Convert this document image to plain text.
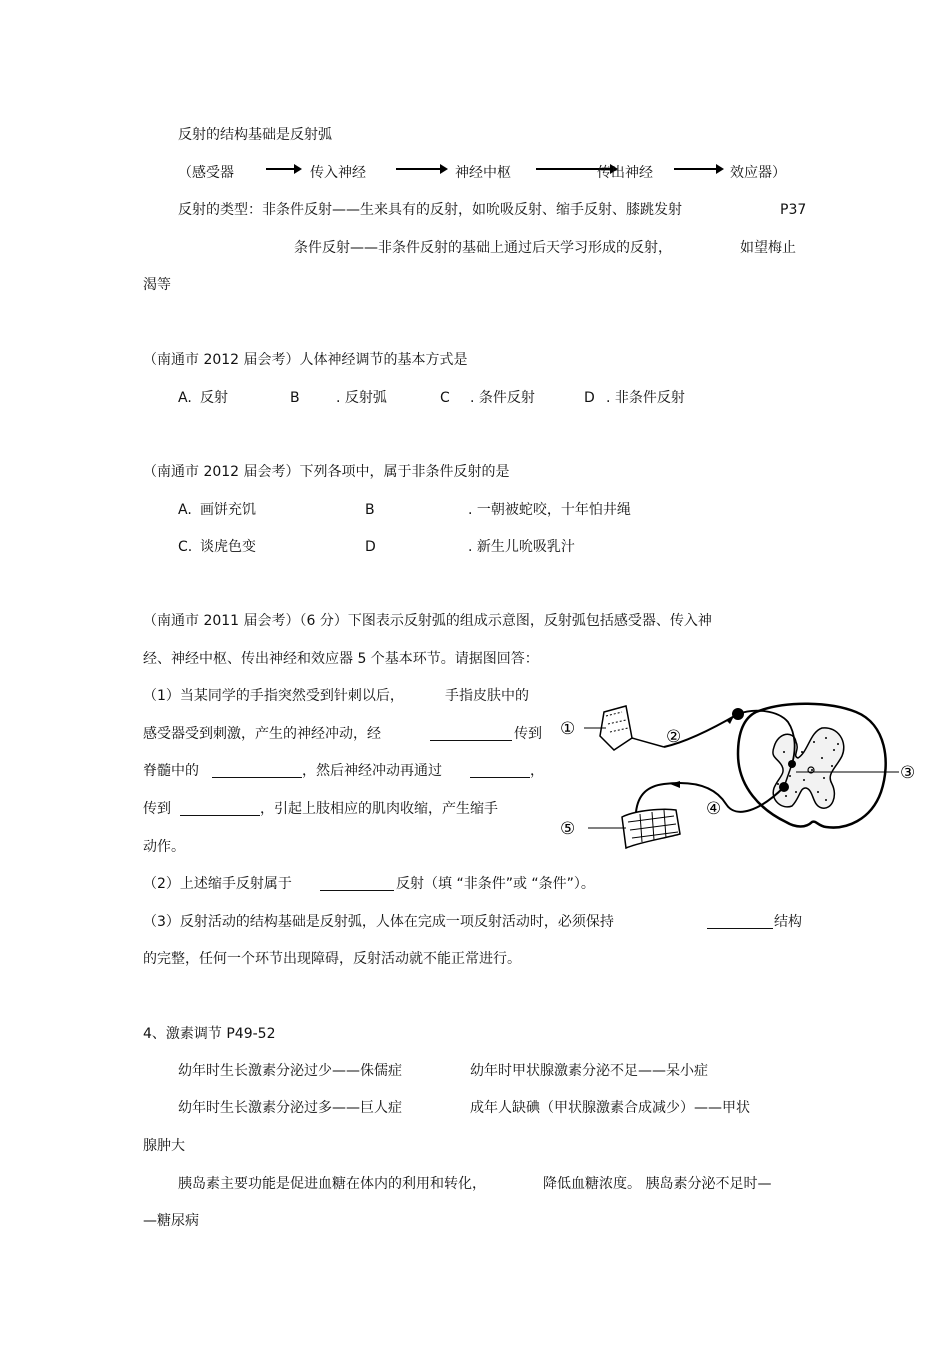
反射的结构基础是反射弧
（感受器	传入神经	神经中枢	传出神经	效应器）
反射的类型：非条件反射——生来具有的反射，如吮吸反射、缩手反射、膝跳发射	P37
条件反射——非条件反射的基础上通过后天学习形成的反射，	如望梅止
渴等
（南通市 2012 届会考）人体神经调节的基本方式是
A. 反射	B	. 反射弧	C . 条件反射	D . 非条件反射
（南通市 2012 届会考）下列各项中，属于非条件反射的是
A. 画饼充饥	B	. 一朝被蛇咬，十年怕井绳
C. 谈虎色变	D	. 新生儿吮吸乳汁
（南通市 2011 届会考）（6 分）下图表示反射弧的组成示意图，反射弧包括感受器、传入神
经、神经中枢、传出神经和效应器 5 个基本环节。请据图回答：
（1）当某同学的手指突然受到针刺以后，	手指皮肤中的
感受器受到刺激，产生的神经冲动，经	传到
脊髓中的	，然后神经冲动再通过	，
传到	，引起上肢相应的肌肉收缩，产生缩手
动作。
（2）上述缩手反射属于	反射（填 “非条件”或 “条件”）。
（3）反射活动的结构基础是反射弧，人体在完成一项反射活动时，必须保持	结构
的完整，任何一个环节出现障碍，反射活动就不能正常进行。
①	②
③
④
⑤
4、激素调节 P49-52
幼年时生长激素分泌过少——侏儒症	幼年时甲状腺激素分泌不足——呆小症
幼年时生长激素分泌过多——巨人症	成年人缺碘（甲状腺激素合成减少）——甲状
腺肿大
胰岛素主要功能是促进血糖在体内的利用和转化，	降低血糖浓度。 胰岛素分泌不足时—
—糖尿病
